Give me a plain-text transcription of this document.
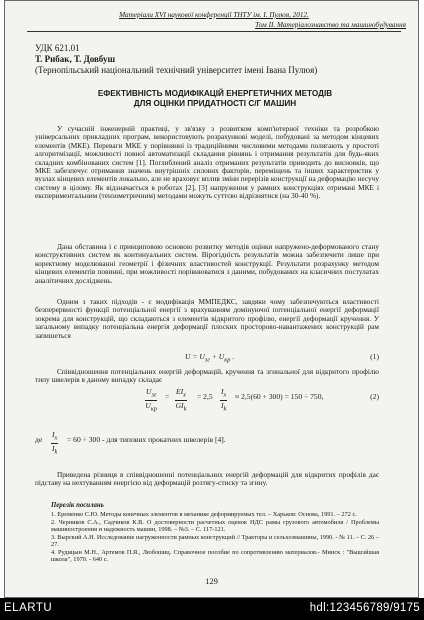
Матеріали XVI наукової конференції ТНТУ ім. І. Пулюя, 2012.
Том II. Матеріалознавство та машинобудування
УДК 621.01
Т. Рибак, Т. Довбуш
(Тернопільський національний технічний університет імені Івана Пулюя)
ЕФЕКТИВНІСТЬ МОДИФІКАЦІЙ ЕНЕРГЕТИЧНИХ МЕТОДІВ
ДЛЯ ОЦІНКИ ПРИДАТНОСТІ С/Г МАШИН

У сучасній інженерній практиці, у зв'язку з розвитком комп'ютерної техніки та розробкою універсальних прикладних програм, використовують розрахункові моделі, побудовані за методом кінцевих елементів (МКЕ). Переваги МКЕ у порівнянні із традиційними числовими методами полягають у простоті алгоритмізації, можливості повної автоматизації складання рівнянь і отримання результатів для будь-яких складних комбінованих систем [1]. Поглиблений аналіз отриманих результатів приводить до висновків, що МКЕ забезпечує отримання значень внутрішніх силових факторів, переміщень та інших характеристик у вузлах кінцевих елементів локально, але не враховує вплив зміни перерізів конструкції на деформацію несучу систему в цілому. Як відзначається в роботах [2], [3] напруження у рамних конструкціях отримані МКЕ і експериментальним (тензометричним) методами можуть суттєво відрізнятися (на 30-40 %).

Дана обставина і є принциповою основою розвитку методів оцінки напружено-деформованого стану конструктивних систем як континуальних систем. Вірогідність результатів можна забезпечити лише при коректному моделюванні геометрії і фізичних властивостей конструкції. Результати розрахунку методом кінцевих елементів повинні, при можливості порівнюватися з даними, побудованих на класичних постулатах аналітичних досліджень.

Одним з таких підходів - є модифікація ММПЕДКС, завдяки чому забезпечуються властивості безперервності функції потенціальної енергії з врахуванням домінуючої потенціальної енергії деформації зокрема для конструкцій, що складаються з елементів відкритого профілю, енергії деформації кручення. У загальному випадку потенціальна енергія деформації плоских просторово-навантажених конструкцій рам запишеться

$U = U_{зг} + U_{кр}$ .	(1)

Співвідношення потенціальних енергій деформацій, кручення та згинальної для відкритого профілю типу швелерів в даному випадку складає

$U_{зг}$
$U_{кр}$
=
$EI_x$
$GI_k$
= $2,5 \frac{I_x}{I_k} \approx 2,5(60 + 300) = 150 \div 750$,	(2)
де $\frac{I_x}{I_k} = 60 \div 300$ - для типових прокатних швелерів [4].

Приведена різниця в співвідношенні потенціальних енергій деформацій для відкритих профілів дає підставу на нехтуванням енергією від деформацій розтягу-стиску та згину.

Перелік посилань
1. Еременко С.Ю. Методы конечных элементов в механике деформируемых тел. – Харьков: Основа, 1991. – 272 с.
2. Черников С.А., Садчиков К.В. О достоверности расчетных оценок НДС рамы грузового автомобиля / Проблемы машиностроения и надежность машин, 1998. – №3. – С. 117-121.
3. Вырский А.Н. Исследование нагруженности рамных конструкций // Тракторы и сельхозмашины, 1990. - № 11. – С. 26 – 27.
4. Рудицын М.Н., Артемов П.Я., Любошиц. Справочное пособие по сопротивлению материалов.- Минск : "Вышэйшая школа", 1970. - 640 с.
129
ELARTU	hdl:123456789/9175
